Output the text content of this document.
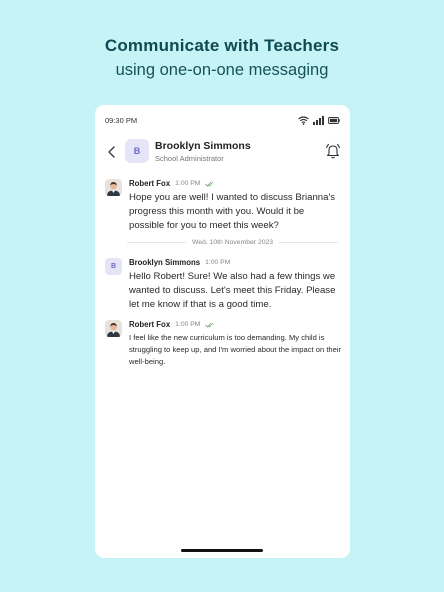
Communicate with Teachers
using one-on-one messaging
09:30 PM
B	Brooklyn Simmons
School Administrator
Robert Fox 1:00 PM
Hope you are well! I wanted to discuss Brianna's progress this month with you. Would it be possible for you to meet this week?
Wed, 10th November 2023
B	Brooklyn Simmons 1:00 PM
Hello Robert! Sure! We also had a few things we wanted to discuss. Let's meet this Friday. Please let me know if that is a good time.
Robert Fox 1:00 PM
I feel like the new curriculum is too demanding. My child is struggling to keep up, and I'm worried about the impact on their well-being.
